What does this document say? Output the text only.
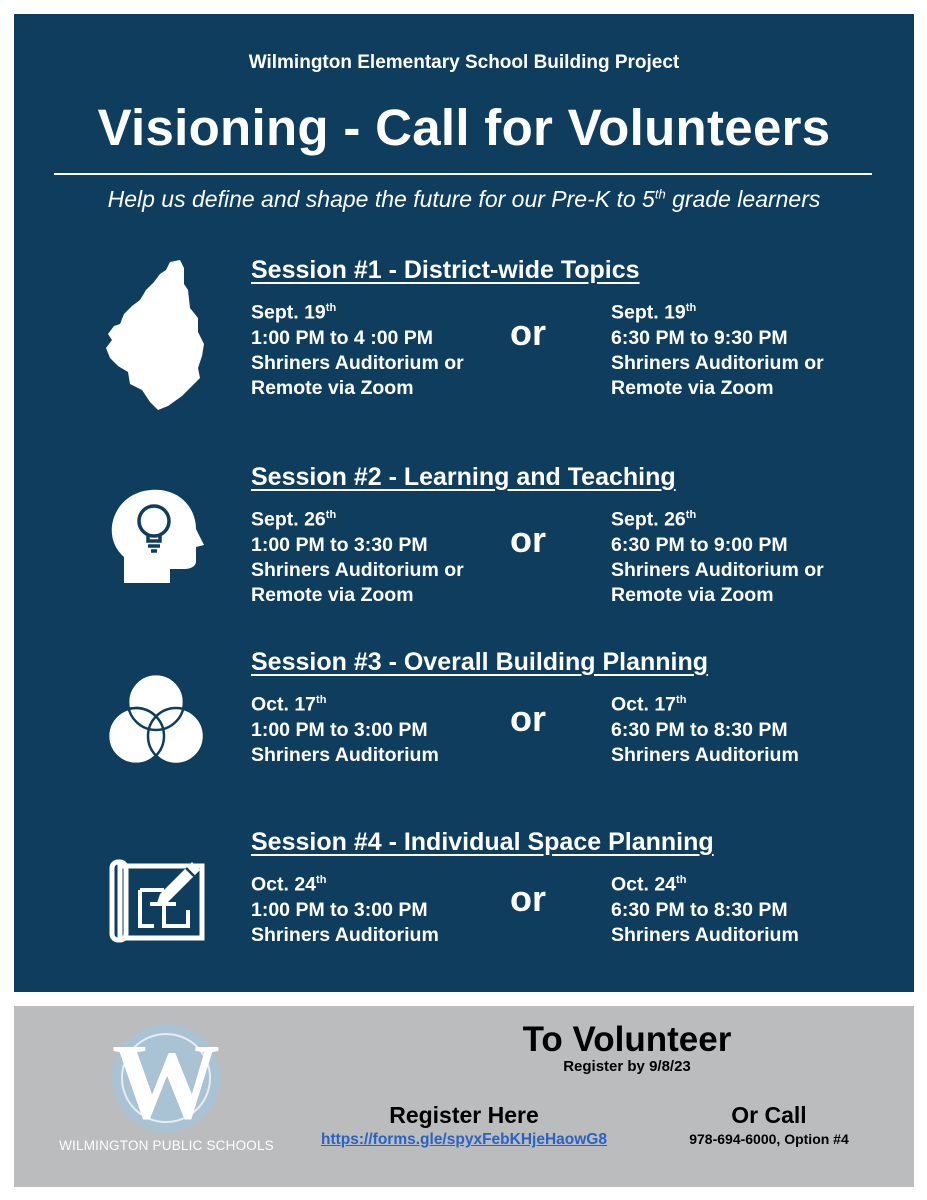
Wilmington Elementary School Building Project
Visioning - Call for Volunteers
Help us define and shape the future for our Pre-K to 5th grade learners
Session #1 - District-wide Topics
Sept. 19th
1:00 PM to 4 :00 PM
Shriners Auditorium or
Remote via Zoom
or	Sept. 19th
6:30 PM to 9:30 PM
Shriners Auditorium or
Remote via Zoom
Session #2 - Learning and Teaching
Sept. 26th
1:00 PM to 3:30 PM
Shriners Auditorium or
Remote via Zoom
or	Sept. 26th
6:30 PM to 9:00 PM
Shriners Auditorium or
Remote via Zoom
Session #3 - Overall Building Planning
Oct. 17th
1:00 PM to 3:00 PM
Shriners Auditorium
or	Oct. 17th
6:30 PM to 8:30 PM
Shriners Auditorium
Session #4 - Individual Space Planning
Oct. 24th
1:00 PM to 3:00 PM
Shriners Auditorium
or	Oct. 24th
6:30 PM to 8:30 PM
Shriners Auditorium
W
WILMINGTON PUBLIC SCHOOLS
To Volunteer
Register by 9/8/23
Register Here
https://forms.gle/spyxFebKHjeHaowG8
Or Call
978-694-6000, Option #4
